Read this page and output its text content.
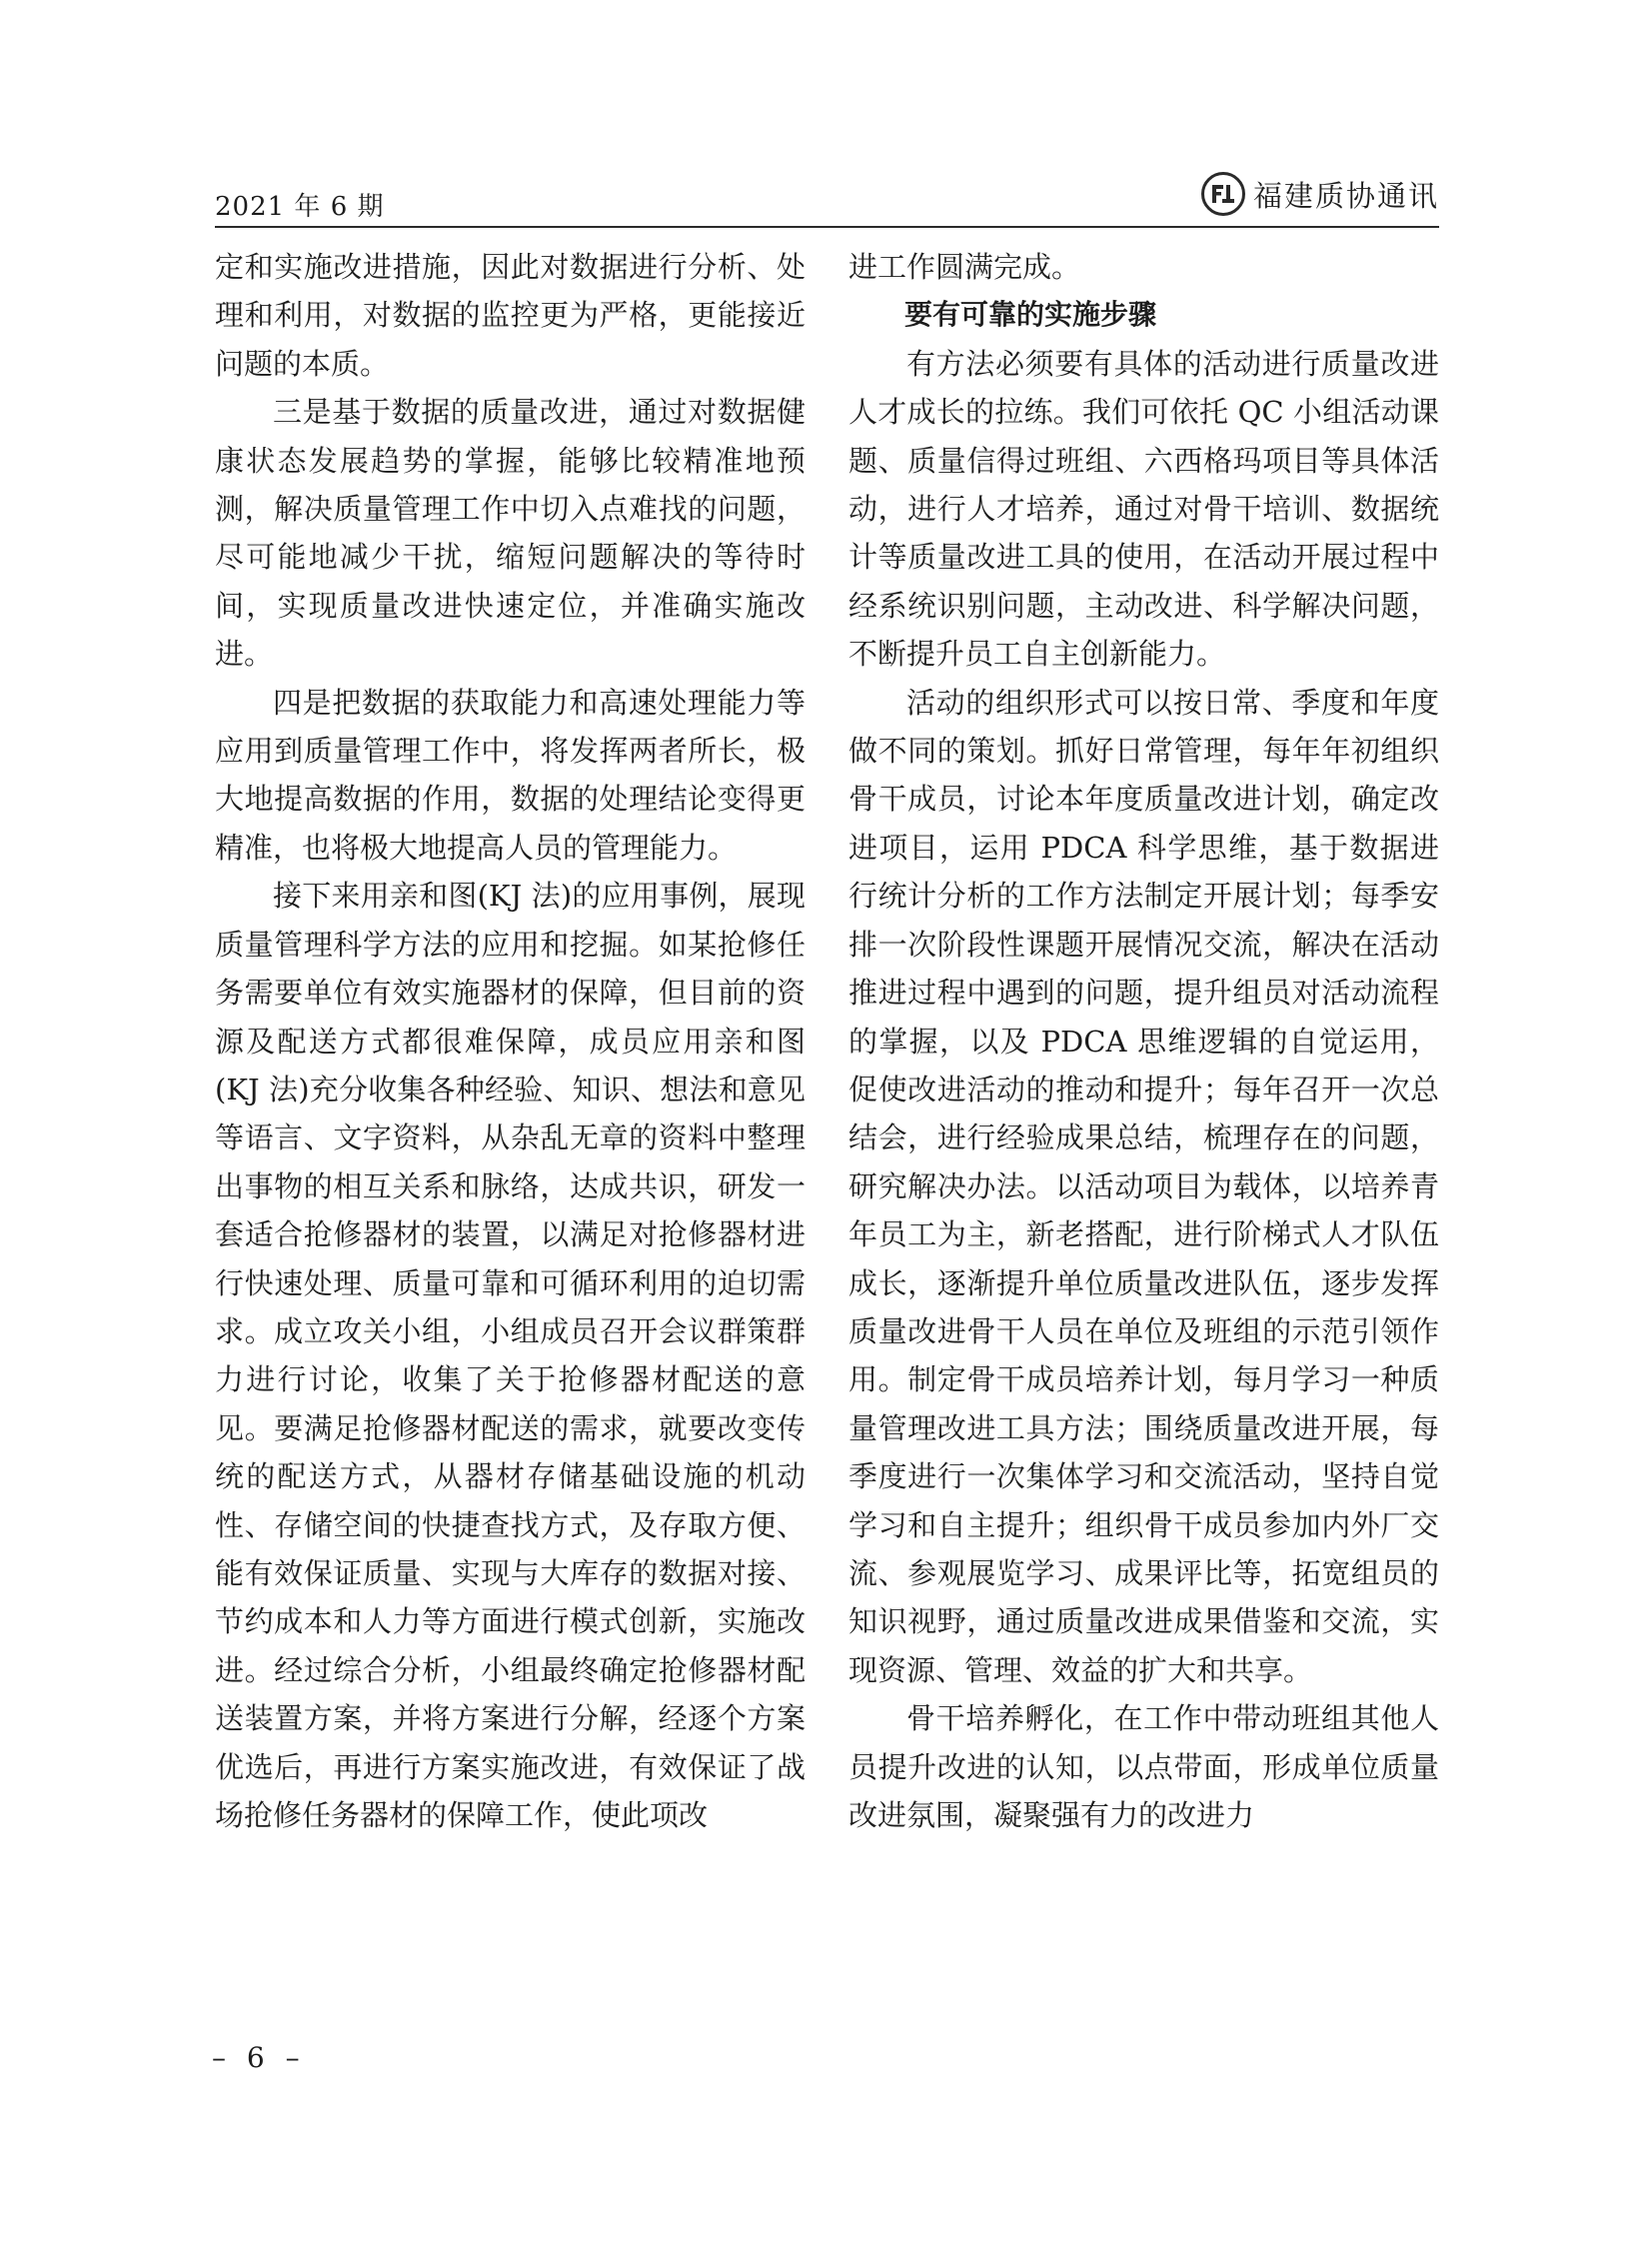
2021 年 6 期	福建质协通讯

定和实施改进措施，因此对数据进行分析、处理和利用，对数据的监控更为严格，更能接近问题的本质。

三是基于数据的质量改进，通过对数据健康状态发展趋势的掌握，能够比较精准地预测，解决质量管理工作中切入点难找的问题，尽可能地减少干扰，缩短问题解决的等待时间，实现质量改进快速定位，并准确实施改进。

四是把数据的获取能力和高速处理能力等应用到质量管理工作中，将发挥两者所长，极大地提高数据的作用，数据的处理结论变得更精准，也将极大地提高人员的管理能力。

接下来用亲和图(KJ 法)的应用事例，展现质量管理科学方法的应用和挖掘。如某抢修任务需要单位有效实施器材的保障，但目前的资源及配送方式都很难保障，成员应用亲和图(KJ 法)充分收集各种经验、知识、想法和意见等语言、文字资料，从杂乱无章的资料中整理出事物的相互关系和脉络，达成共识，研发一套适合抢修器材的装置，以满足对抢修器材进行快速处理、质量可靠和可循环利用的迫切需求。成立攻关小组，小组成员召开会议群策群力进行讨论，收集了关于抢修器材配送的意见。要满足抢修器材配送的需求，就要改变传统的配送方式，从器材存储基础设施的机动性、存储空间的快捷查找方式，及存取方便、能有效保证质量、实现与大库存的数据对接、节约成本和人力等方面进行模式创新，实施改进。经过综合分析，小组最终确定抢修器材配送装置方案，并将方案进行分解，经逐个方案优选后，再进行方案实施改进，有效保证了战场抢修任务器材的保障工作，使此项改

进工作圆满完成。

要有可靠的实施步骤

有方法必须要有具体的活动进行质量改进人才成长的拉练。我们可依托 QC 小组活动课题、质量信得过班组、六西格玛项目等具体活动，进行人才培养，通过对骨干培训、数据统计等质量改进工具的使用，在活动开展过程中经系统识别问题，主动改进、科学解决问题，不断提升员工自主创新能力。

活动的组织形式可以按日常、季度和年度做不同的策划。抓好日常管理，每年年初组织骨干成员，讨论本年度质量改进计划，确定改进项目，运用 PDCA 科学思维，基于数据进行统计分析的工作方法制定开展计划；每季安排一次阶段性课题开展情况交流，解决在活动推进过程中遇到的问题，提升组员对活动流程的掌握，以及 PDCA 思维逻辑的自觉运用，促使改进活动的推动和提升；每年召开一次总结会，进行经验成果总结，梳理存在的问题，研究解决办法。以活动项目为载体，以培养青年员工为主，新老搭配，进行阶梯式人才队伍成长，逐渐提升单位质量改进队伍，逐步发挥质量改进骨干人员在单位及班组的示范引领作用。制定骨干成员培养计划，每月学习一种质量管理改进工具方法；围绕质量改进开展，每季度进行一次集体学习和交流活动，坚持自觉学习和自主提升；组织骨干成员参加内外厂交流、参观展览学习、成果评比等，拓宽组员的知识视野，通过质量改进成果借鉴和交流，实现资源、管理、效益的扩大和共享。

骨干培养孵化，在工作中带动班组其他人员提升改进的认知，以点带面，形成单位质量改进氛围，凝聚强有力的改进力

– 6 –
